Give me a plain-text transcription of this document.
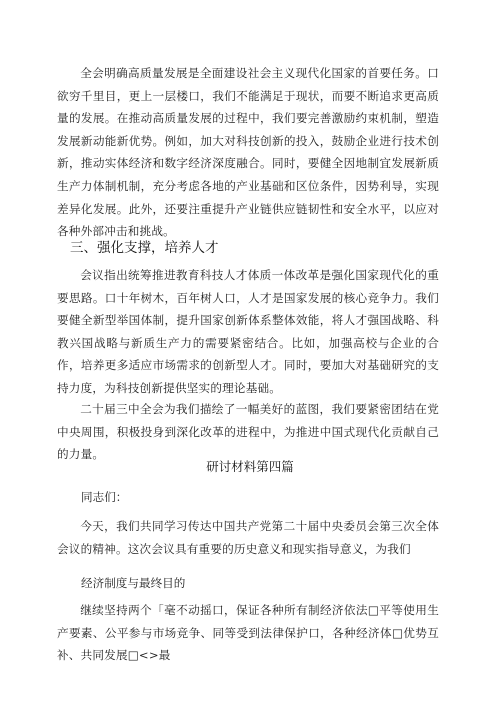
全会明确高质量发展是全面建设社会主义现代化国家的首要任务。口欲穷千里目，更上一层楼口，我们不能满足于现状，而要不断追求更高质量的发展。在推动高质量发展的过程中，我们要完善激励约束机制，塑造发展新动能新优势。例如，加大对科技创新的投入，鼓励企业进行技术创新，推动实体经济和数字经济深度融合。同时，要健全因地制宜发展新质生产力体制机制，充分考虑各地的产业基础和区位条件，因势利导，实现差异化发展。此外，还要注重提升产业链供应链韧性和安全水平，以应对各种外部冲击和挑战。

三、强化支撑，培养人才

会议指出统筹推进教育科技人才体质一体改革是强化国家现代化的重要思路。口十年树木，百年树人口，人才是国家发展的核心竞争力。我们要健全新型举国体制，提升国家创新体系整体效能，将人才强国战略、科教兴国战略与新质生产力的需要紧密结合。比如，加强高校与企业的合作，培养更多适应市场需求的创新型人才。同时，要加大对基础研究的支持力度，为科技创新提供坚实的理论基础。

二十届三中全会为我们描绘了一幅美好的蓝图，我们要紧密团结在党中央周围，积极投身到深化改革的进程中，为推进中国式现代化贡献自己的力量。

研讨材料第四篇

同志们：

今天，我们共同学习传达中国共产党第二十届中央委员会第三次全体会议的精神。这次会议具有重要的历史意义和现实指导意义，为我们

经济制度与最终目的

继续坚持两个「毫不动摇口，保证各种所有制经济依法□平等使用生产要素、公平参与市场竞争、同等受到法律保护口，各种经济体□优势互补、共同发展□<>最
